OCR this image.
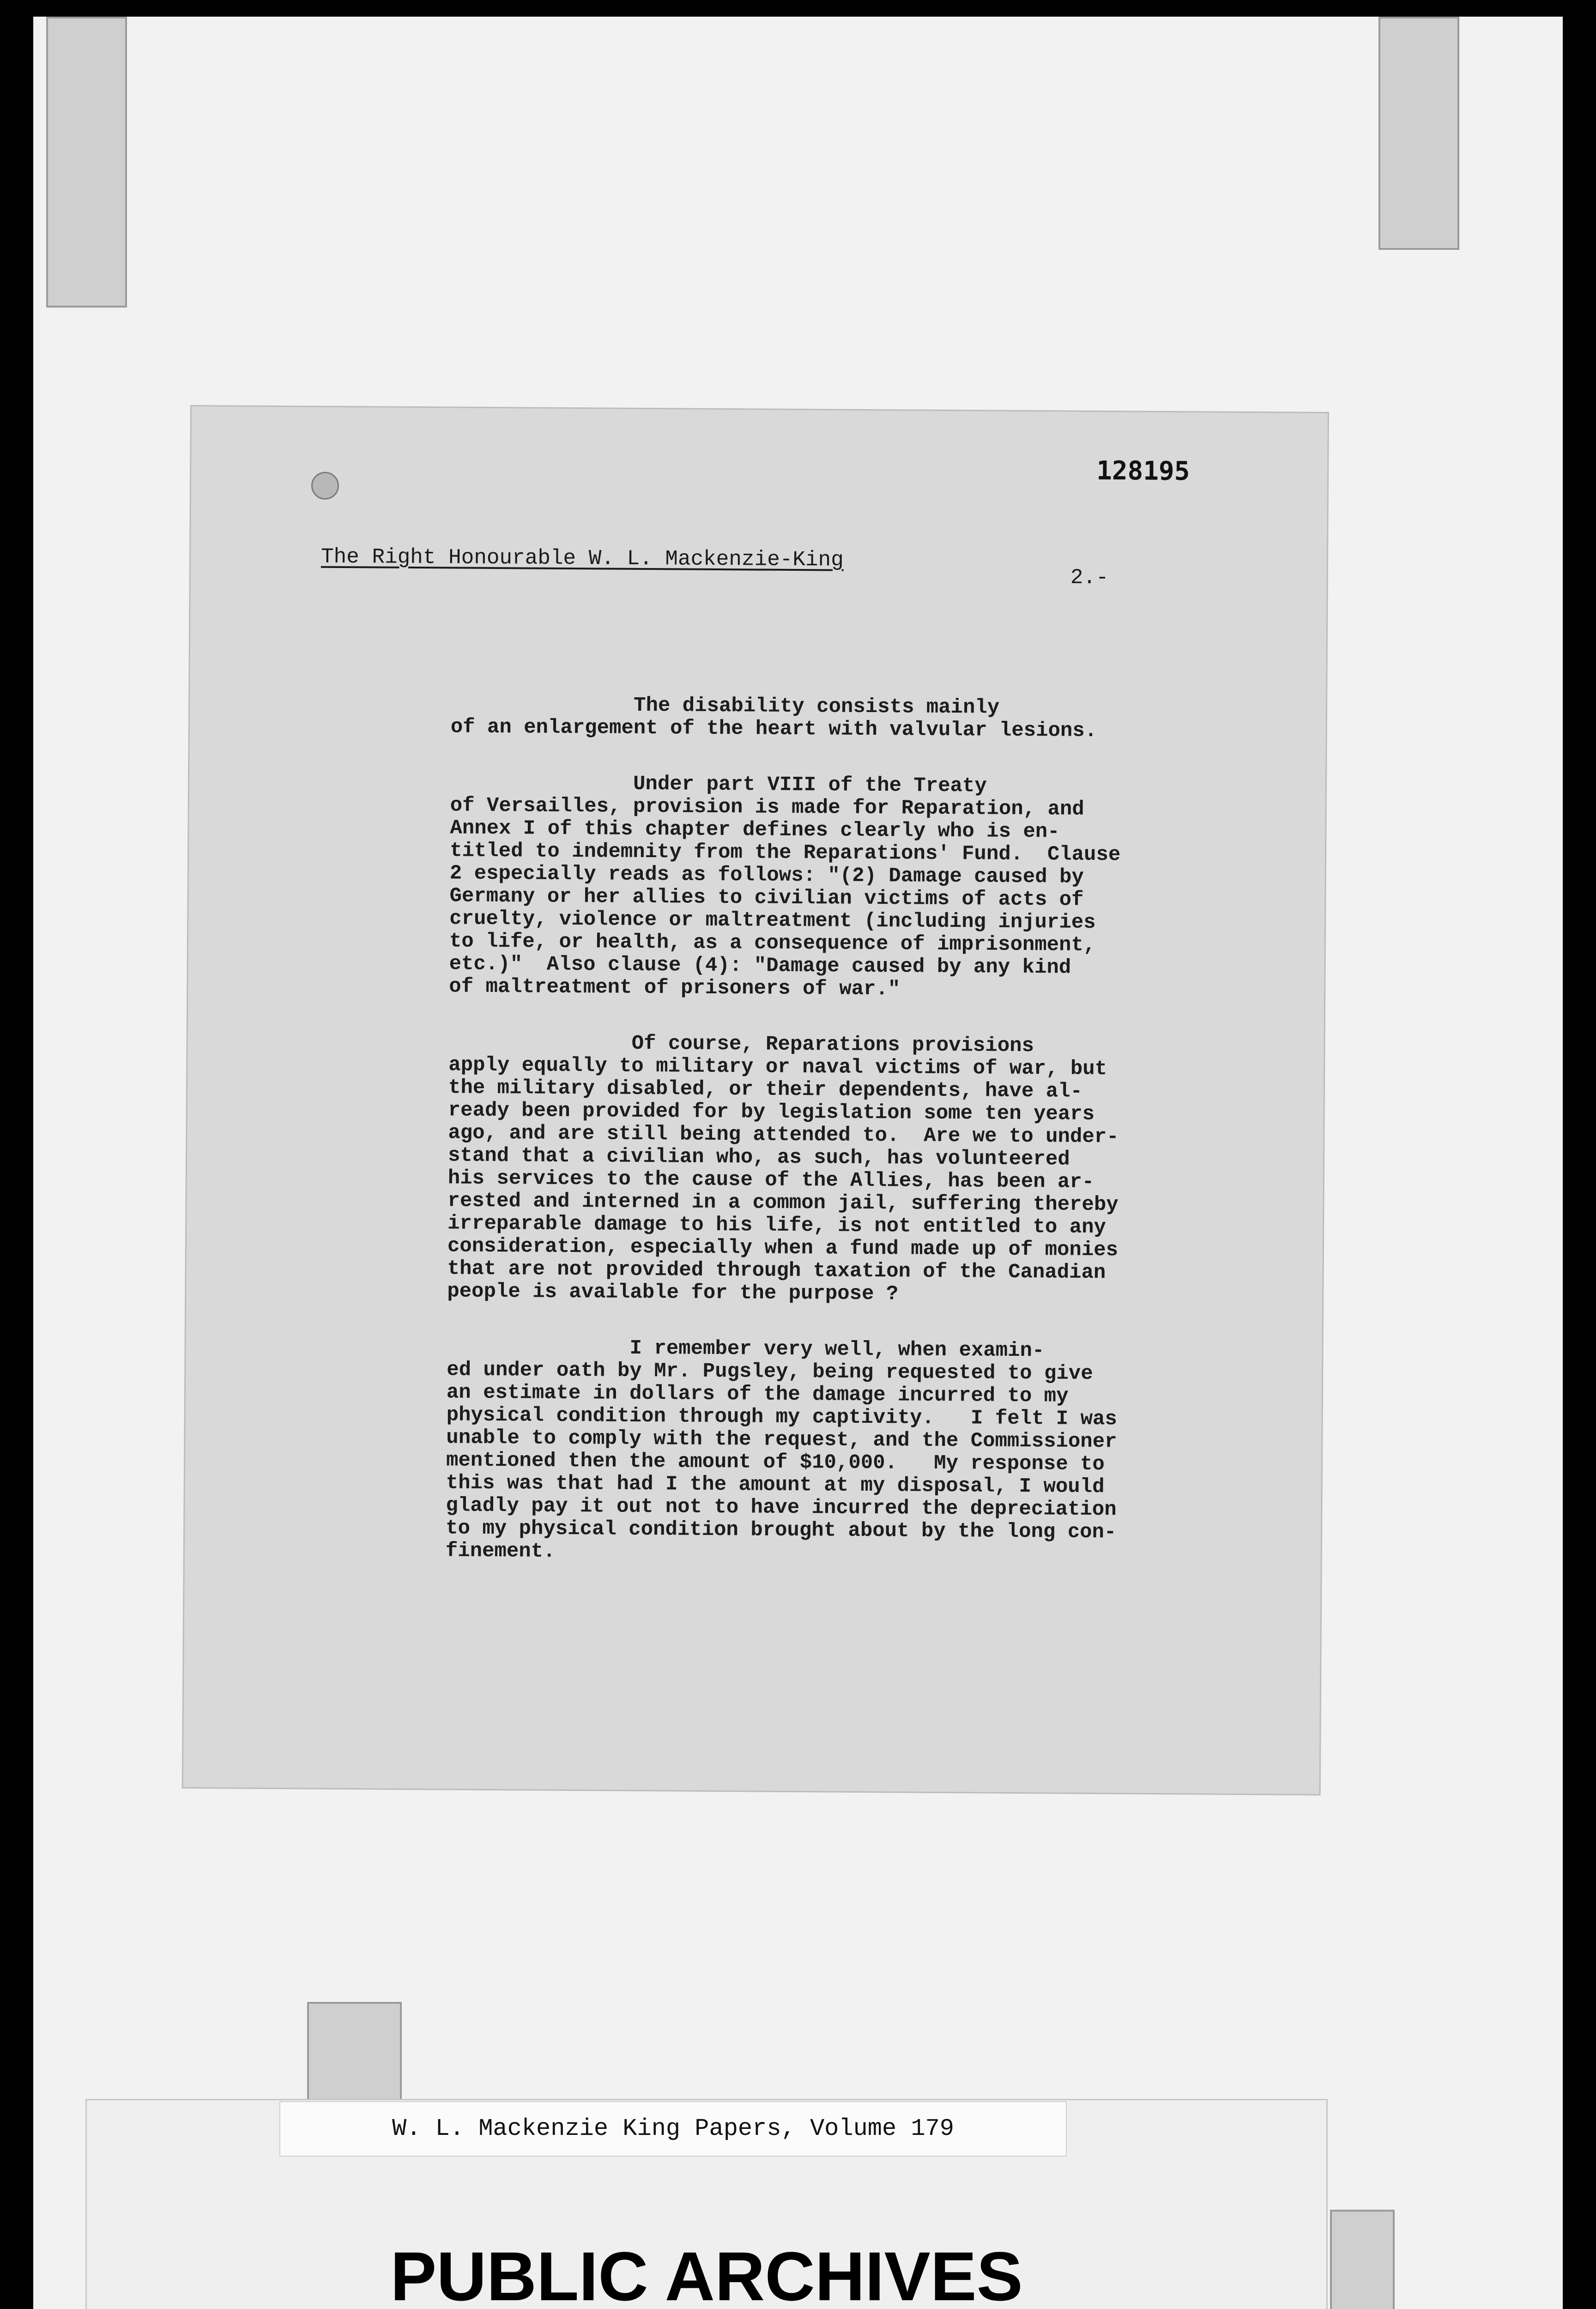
128195

The Right Honourable W. L. Mackenzie-King

2.-

The disability consists mainly
of an enlargement of the heart with valvular lesions.

Under part VIII of the Treaty
of Versailles, provision is made for Reparation, and
Annex I of this chapter defines clearly who is en-
titled to indemnity from the Reparations' Fund.  Clause
2 especially reads as follows: "(2) Damage caused by
Germany or her allies to civilian victims of acts of
cruelty, violence or maltreatment (including injuries
to life, or health, as a consequence of imprisonment,
etc.)"  Also clause (4): "Damage caused by any kind
of maltreatment of prisoners of war."

Of course, Reparations provisions
apply equally to military or naval victims of war, but
the military disabled, or their dependents, have al-
ready been provided for by legislation some ten years
ago, and are still being attended to.  Are we to under-
stand that a civilian who, as such, has volunteered
his services to the cause of the Allies, has been ar-
rested and interned in a common jail, suffering thereby
irreparable damage to his life, is not entitled to any
consideration, especially when a fund made up of monies
that are not provided through taxation of the Canadian
people is available for the purpose ?

I remember very well, when examin-
ed under oath by Mr. Pugsley, being requested to give
an estimate in dollars of the damage incurred to my
physical condition through my captivity.   I felt I was
unable to comply with the request, and the Commissioner
mentioned then the amount of $10,000.   My response to
this was that had I the amount at my disposal, I would
gladly pay it out not to have incurred the depreciation
to my physical condition brought about by the long con-
finement.

PUBLIC ARCHIVES

W. L. Mackenzie King Papers, Volume 179
